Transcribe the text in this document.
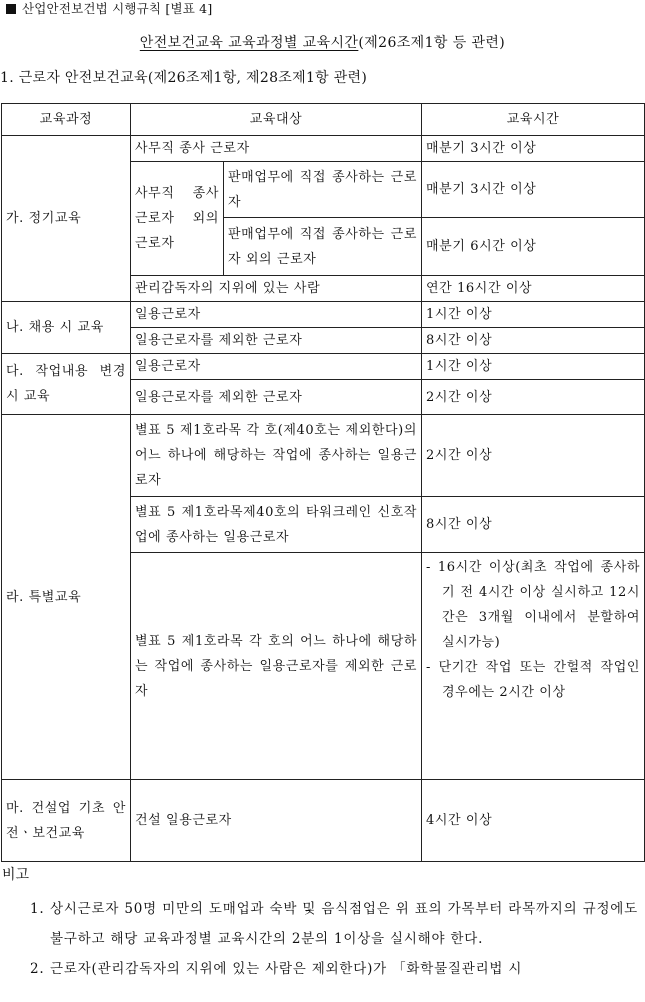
산업안전보건법 시행규칙 [별표 4]
안전보건교육 교육과정별 교육시간(제26조제1항 등 관련)
1. 근로자 안전보건교육(제26조제1항, 제28조제1항 관련)
교육과정	교육대상		교육시간
가. 정기교육	사무직 종사 근로자		매분기 3시간 이상
	사무직 종사 근로자 외의 근로자	판매업무에 직접 종사하는 근로자	매분기 3시간 이상
		판매업무에 직접 종사하는 근로자 외의 근로자	매분기 6시간 이상
	관리감독자의 지위에 있는 사람		연간 16시간 이상
나. 채용 시 교육	일용근로자		1시간 이상
	일용근로자를 제외한 근로자		8시간 이상
다. 작업내용 변경 시 교육	일용근로자		1시간 이상
	일용근로자를 제외한 근로자		2시간 이상
라. 특별교육	별표 5 제1호라목 각 호(제40호는 제외한다)의 어느 하나에 해당하는 작업에 종사하는 일용근로자		2시간 이상
	별표 5 제1호라목제40호의 타워크레인 신호작업에 종사하는 일용근로자		8시간 이상
	별표 5 제1호라목 각 호의 어느 하나에 해당하는 작업에 종사하는 일용근로자를 제외한 근로자		- 16시간 이상(최초 작업에 종사하기 전 4시간 이상 실시하고 12시간은 3개월 이내에서 분할하여 실시가능)
- 단기간 작업 또는 간헐적 작업인 경우에는 2시간 이상

마. 건설업 기초 안전ㆍ보건교육	건설 일용근로자		4시간 이상
비고
1. 상시근로자 50명 미만의 도매업과 숙박 및 음식점업은 위 표의 가목부터 라목까지의 규정에도 불구하고 해당 교육과정별 교육시간의 2분의 1이상을 실시해야 한다.
2. 근로자(관리감독자의 지위에 있는 사람은 제외한다)가 「화학물질관리법 시
